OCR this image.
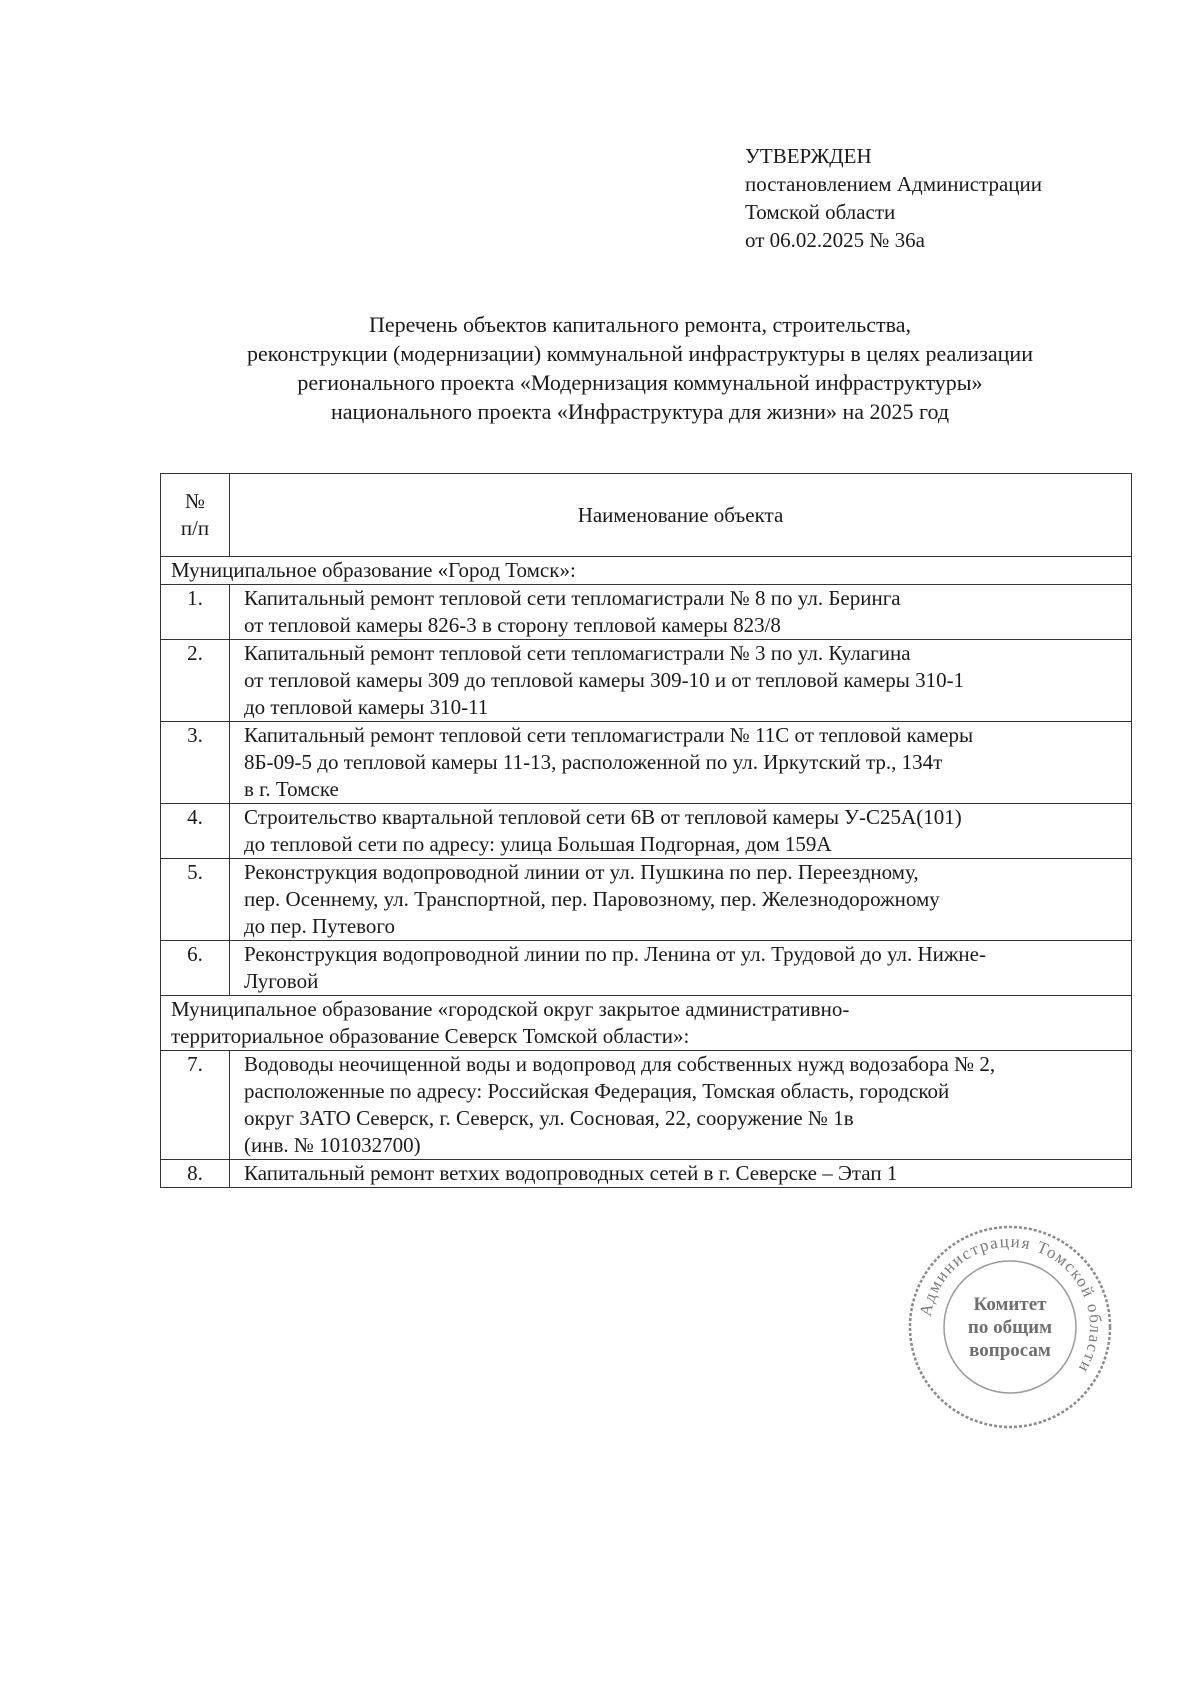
УТВЕРЖДЕН
постановлением Администрации
Томской области
от 06.02.2025 № 36а
Перечень объектов капитального ремонта, строительства,
реконструкции (модернизации) коммунальной инфраструктуры в целях реализации
регионального проекта «Модернизация коммунальной инфраструктуры»
национального проекта «Инфраструктура для жизни» на 2025 год
№
п/п	Наименование объекта

Муниципальное образование «Город Томск»:	

1.	Капитальный ремонт тепловой сети тепломагистрали № 8 по ул. Беринга
от тепловой камеры 826-3 в сторону тепловой камеры 823/8

2.	Капитальный ремонт тепловой сети тепломагистрали № 3 по ул. Кулагина
от тепловой камеры 309 до тепловой камеры 309-10 и от тепловой камеры 310-1
до тепловой камеры 310-11

3.	Капитальный ремонт тепловой сети тепломагистрали № 11С от тепловой камеры
8Б-09-5 до тепловой камеры 11-13, расположенной по ул. Иркутский тр., 134т
в г. Томске

4.	Строительство квартальной тепловой сети 6В от тепловой камеры У-С25А(101)
до тепловой сети по адресу: улица Большая Подгорная, дом 159А

5.	Реконструкция водопроводной линии от ул. Пушкина по пер. Переездному,
пер. Осеннему, ул. Транспортной, пер. Паровозному, пер. Железнодорожному
до пер. Путевого

6.	Реконструкция водопроводной линии по пр. Ленина от ул. Трудовой до ул. Нижне-
Луговой

Муниципальное образование «городской округ закрытое административно-
территориальное образование Северск Томской области»:	

7.	Водоводы неочищенной воды и водопровод для собственных нужд водозабора № 2,
расположенные по адресу: Российская Федерация, Томская область, городской
округ ЗАТО Северск, г. Северск, ул. Сосновая, 22, сооружение № 1в
(инв. № 101032700)

8.	Капитальный ремонт ветхих водопроводных сетей в г. Северске – Этап 1
Администрация Томской области
Комитет
по общим
вопросам
